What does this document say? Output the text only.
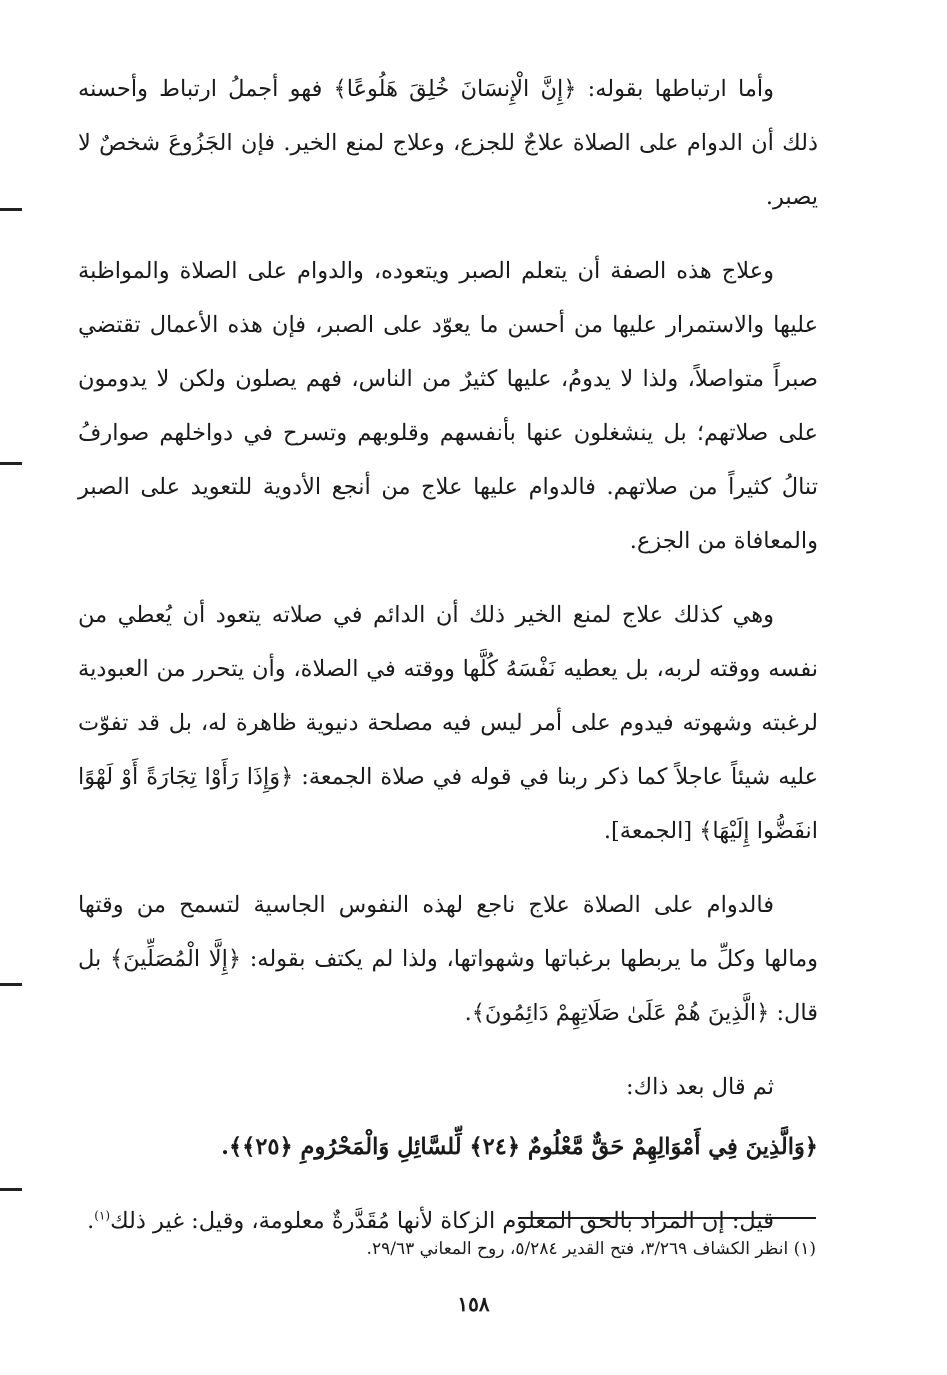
وأما ارتباطها بقوله: ﴿إِنَّ الْإِنسَانَ خُلِقَ هَلُوعًا﴾ فهو أجملُ ارتباط وأحسنه ذلك أن الدوام على الصلاة علاجٌ للجزع، وعلاج لمنع الخير. فإن الجَزُوعَ شخصٌ لا يصبر.

وعلاج هذه الصفة أن يتعلم الصبر ويتعوده، والدوام على الصلاة والمواظبة عليها والاستمرار عليها من أحسن ما يعوّد على الصبر، فإن هذه الأعمال تقتضي صبراً متواصلاً، ولذا لا يدومُ، عليها كثيرٌ من الناس، فهم يصلون ولكن لا يدومون على صلاتهم؛ بل ينشغلون عنها بأنفسهم وقلوبهم وتسرح في دواخلهم صوارفُ تنالُ كثيراً من صلاتهم. فالدوام عليها علاج من أنجع الأدوية للتعويد على الصبر والمعافاة من الجزع.

وهي كذلك علاج لمنع الخير ذلك أن الدائم في صلاته يتعود أن يُعطي من نفسه ووقته لربه، بل يعطيه نَفْسَهُ كُلَّها ووقته في الصلاة، وأن يتحرر من العبودية لرغبته وشهوته فيدوم على أمر ليس فيه مصلحة دنيوية ظاهرة له، بل قد تفوّت عليه شيئاً عاجلاً كما ذكر ربنا في قوله في صلاة الجمعة: ﴿وَإِذَا رَأَوْا تِجَارَةً أَوْ لَهْوًا انفَضُّوا إِلَيْهَا﴾ [الجمعة].

فالدوام على الصلاة علاج ناجع لهذه النفوس الجاسية لتسمح من وقتها ومالها وكلِّ ما يربطها برغباتها وشهواتها، ولذا لم يكتف بقوله: ﴿إِلَّا الْمُصَلِّينَ﴾ بل قال: ﴿الَّذِينَ هُمْ عَلَىٰ صَلَاتِهِمْ دَائِمُونَ﴾.

ثم قال بعد ذاك:

﴿وَالَّذِينَ فِي أَمْوَالِهِمْ حَقٌّ مَّعْلُومٌ ﴿٢٤﴾ لِّلسَّائِلِ وَالْمَحْرُومِ ﴿٢٥﴾﴾.

قيل: إن المراد بالحق المعلوم الزكاة لأنها مُقَدَّرةٌ معلومة، وقيل: غير ذلك$^{(١)}$.

(١) انظر الكشاف ٣/٢٦٩، فتح القدير ٥/٢٨٤، روح المعاني ٢٩/٦٣.
١٥٨
